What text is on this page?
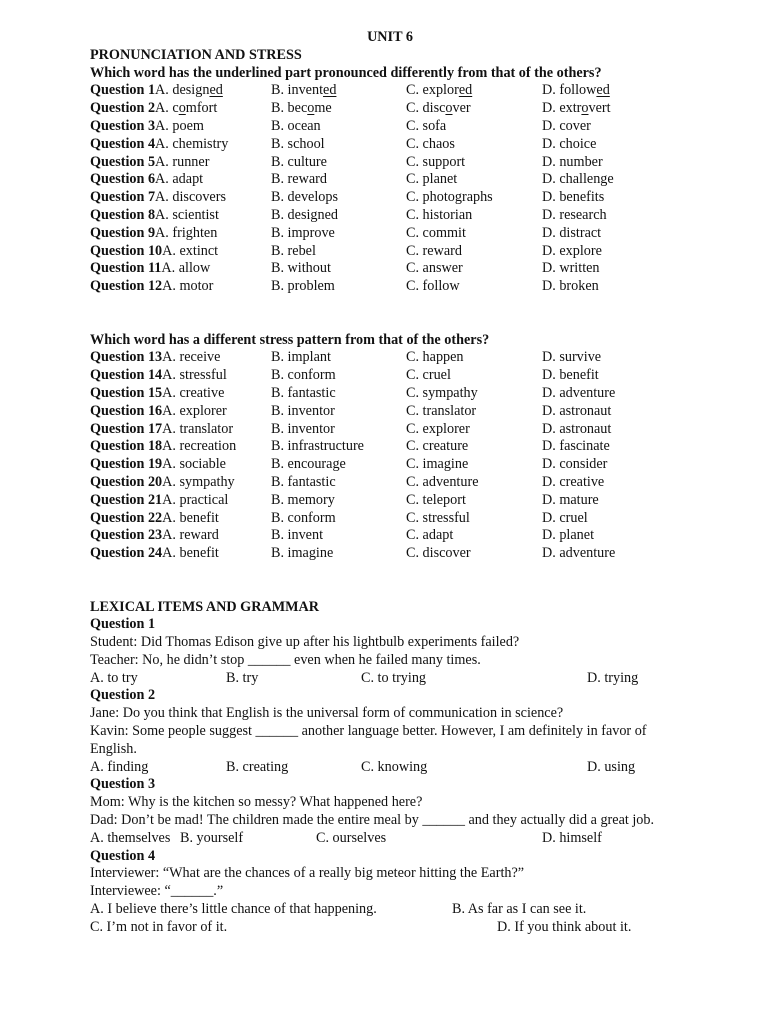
UNIT 6
PRONUNCIATION AND STRESS
Which word has the underlined part pronounced differently from that of the others?
Question 1A. designed	B. invented	C. explored	D. followed
Question 2A. comfort	B. become	C. discover	D. extrovert
Question 3A. poem	B. ocean	C. sofa	D. cover
Question 4A. chemistry	B. school	C. chaos	D. choice
Question 5A. runner	B. culture	C. support	D. number
Question 6A. adapt	B. reward	C. planet	D. challenge
Question 7A. discovers	B. develops	C. photographs	D. benefits
Question 8A. scientist	B. designed	C. historian	D. research
Question 9A. frighten	B. improve	C. commit	D. distract
Question 10A. extinct	B. rebel	C. reward	D. explore
Question 11A. allow	B. without	C. answer	D. written
Question 12A. motor	B. problem	C. follow	D. broken
Which word has a different stress pattern from that of the others?
Question 13A. receive	B. implant	C. happen	D. survive
Question 14A. stressful	B. conform	C. cruel	D. benefit
Question 15A. creative	B. fantastic	C. sympathy	D. adventure
Question 16A. explorer	B. inventor	C. translator	D. astronaut
Question 17A. translator	B. inventor	C. explorer	D. astronaut
Question 18A. recreation B. infrastructure	C. creature	D. fascinate
Question 19A. sociable	B. encourage	C. imagine	D. consider
Question 20A. sympathy	B. fantastic	C. adventure	D. creative
Question 21A. practical	B. memory	C. teleport	D. mature
Question 22A. benefit	B. conform	C. stressful	D. cruel
Question 23A. reward	B. invent	C. adapt	D. planet
Question 24A. benefit	B. imagine	C. discover	D. adventure
LEXICAL ITEMS AND GRAMMAR
Question 1
Student: Did Thomas Edison give up after his lightbulb experiments failed?
Teacher: No, he didn’t stop ______ even when he failed many times.
A. to try	B. try	C. to trying	D. trying
Question 2
Jane: Do you think that English is the universal form of communication in science?
Kavin: Some people suggest ______ another language better. However, I am definitely in favor of English.
A. finding	B. creating	C. knowing	D. using
Question 3
Mom: Why is the kitchen so messy? What happened here?
Dad: Don’t be mad! The children made the entire meal by ______ and they actually did a great job.
A. themselves B. yourself	C. ourselves	D. himself
Question 4
Interviewer: “What are the chances of a really big meteor hitting the Earth?”
Interviewee: “______.”
A. I believe there’s little chance of that happening.	B. As far as I can see it.
C. I’m not in favor of it.	D. If you think about it.
